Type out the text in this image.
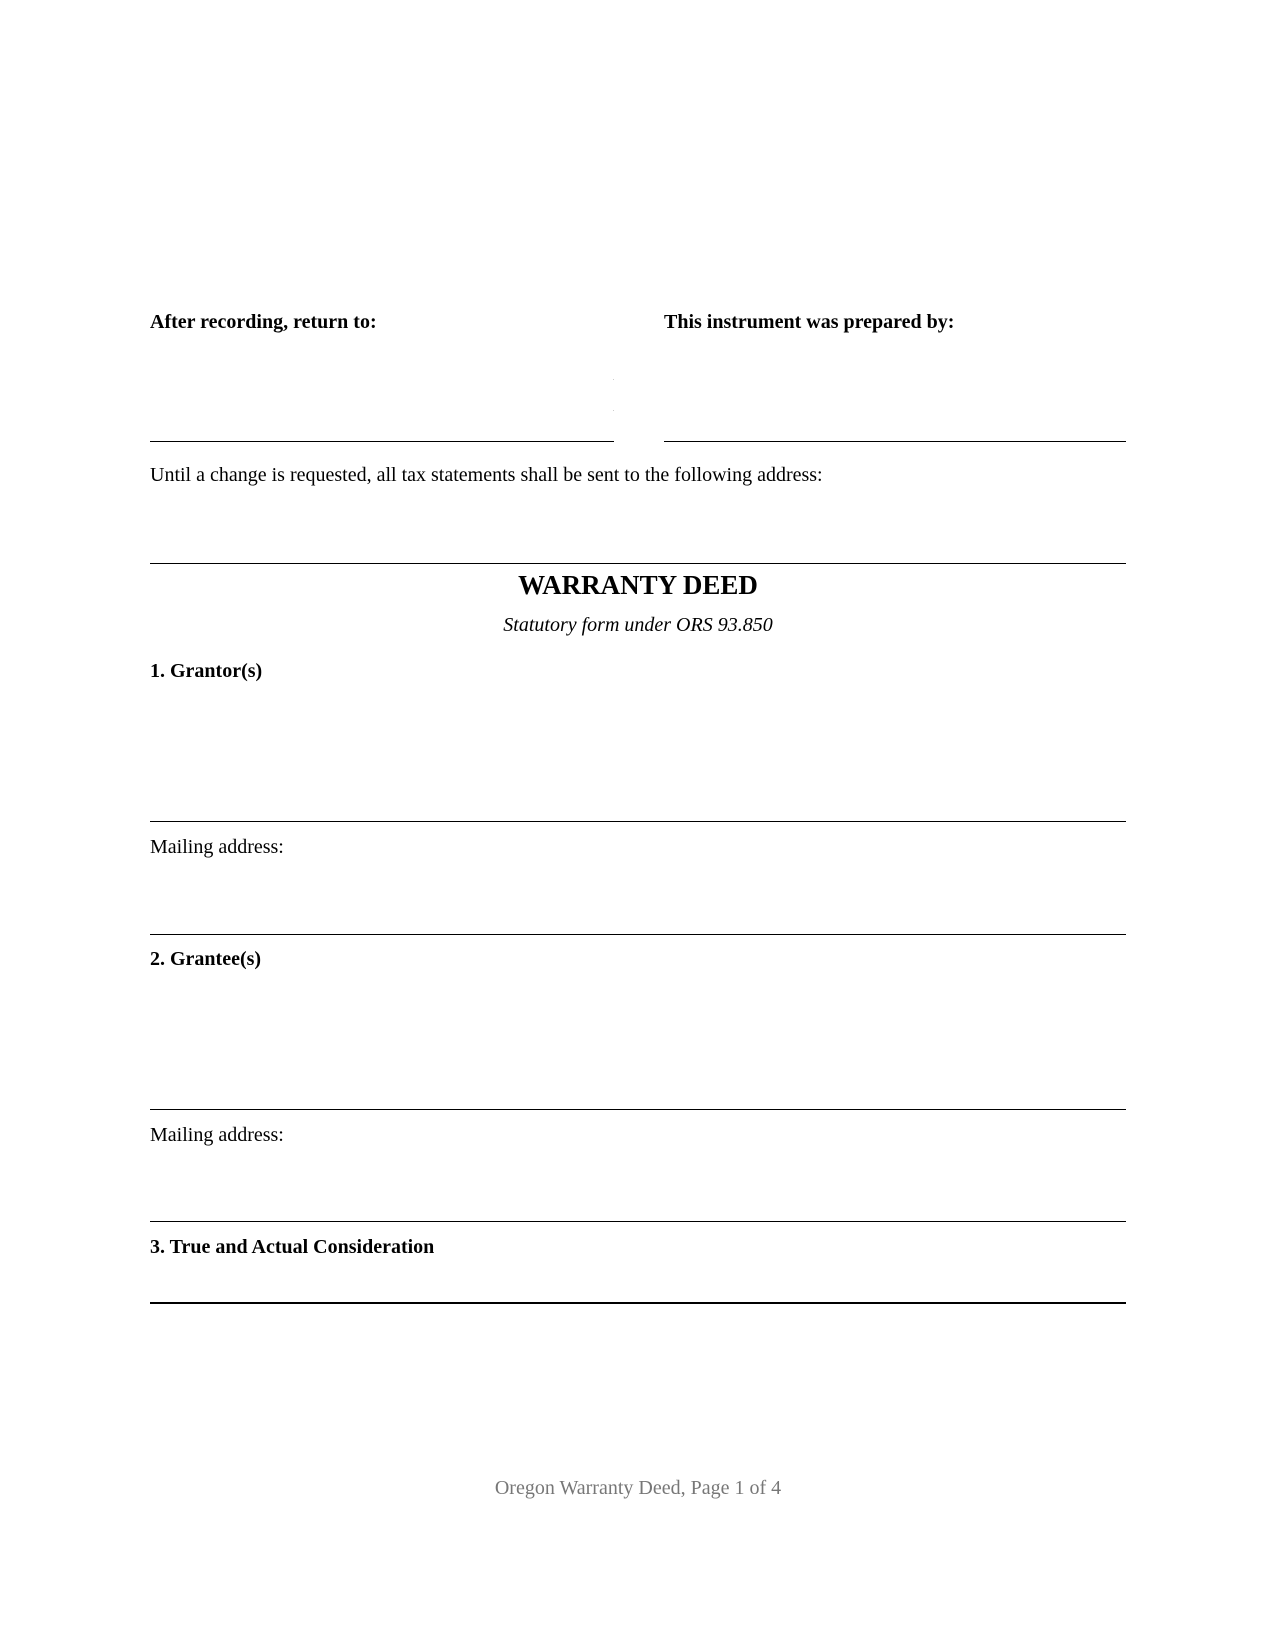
After recording, return to:	This instrument was prepared by:
Until a change is requested, all tax statements shall be sent to the following address:
WARRANTY DEED
Statutory form under ORS 93.850
1. Grantor(s)
Mailing address:
2. Grantee(s)
Mailing address:
3. True and Actual Consideration
Oregon Warranty Deed, Page 1 of 4
